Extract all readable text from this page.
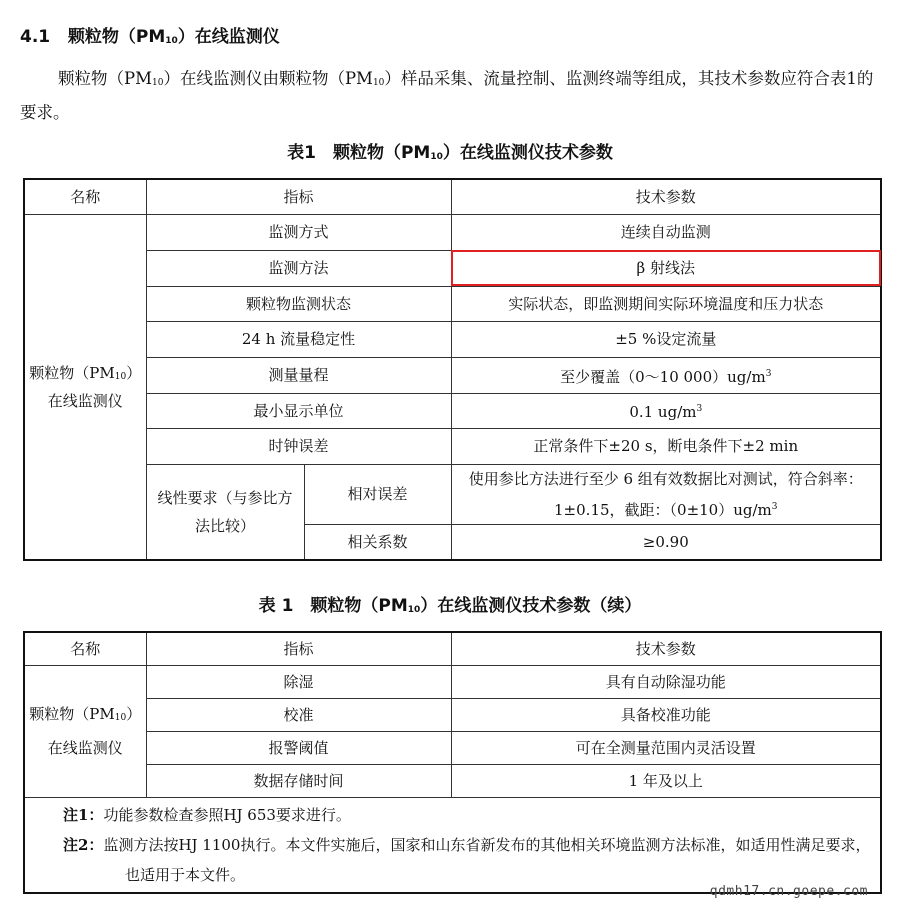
4.1 颗粒物$(PM_{10})$在线监测仪
颗粒物$(PM_{10})$在线监测仪由颗粒物$(PM_{10})$样品采集、流量控制、监测终端等组成，其技术参数应符合表1的要求。
表1　颗粒物$(PM_{10})$在线监测仪技术参数
名称	指标		技术参数

颗粒物$(PM_{10})$
在线监测仪	监测方式		连续自动监测
	监测方法		β 射线法
	颗粒物监测状态		实际状态，即监测期间实际环境温度和压力状态
	24 h 流量稳定性		±5 %设定流量
	测量量程		至少覆盖（0～10 $000)ug/m^3$
	最小显示单位		0.1 $ug/m^3$
	时钟误差		正常条件下±20 s，断电条件下±2 min
	线性要求（与参比方法比较）	相对误差	使用参比方法进行至少 6 组有效数据比对测试，符合斜率：
1±0.15，截距：$(0\pm 10)ug/m^3$

		相关系数	≥0.90
表 1　颗粒物$(PM_{10})$在线监测仪技术参数（续）
名称	指标	技术参数

颗粒物$(PM_{10})$
在线监测仪	除湿	具有自动除湿功能
	校准	具备校准功能
	报警阈值	可在全测量范围内灵活设置
	数据存储时间	1 年及以上

注1：功能参数检查参照HJ 653要求进行。
注2：监测方法按HJ 1100执行。本文件实施后，国家和山东省新发布的其他相关环境监测方法标准，如适用性满足要求，也适用于本文件。		
qdmh17.cn.goepe.com
